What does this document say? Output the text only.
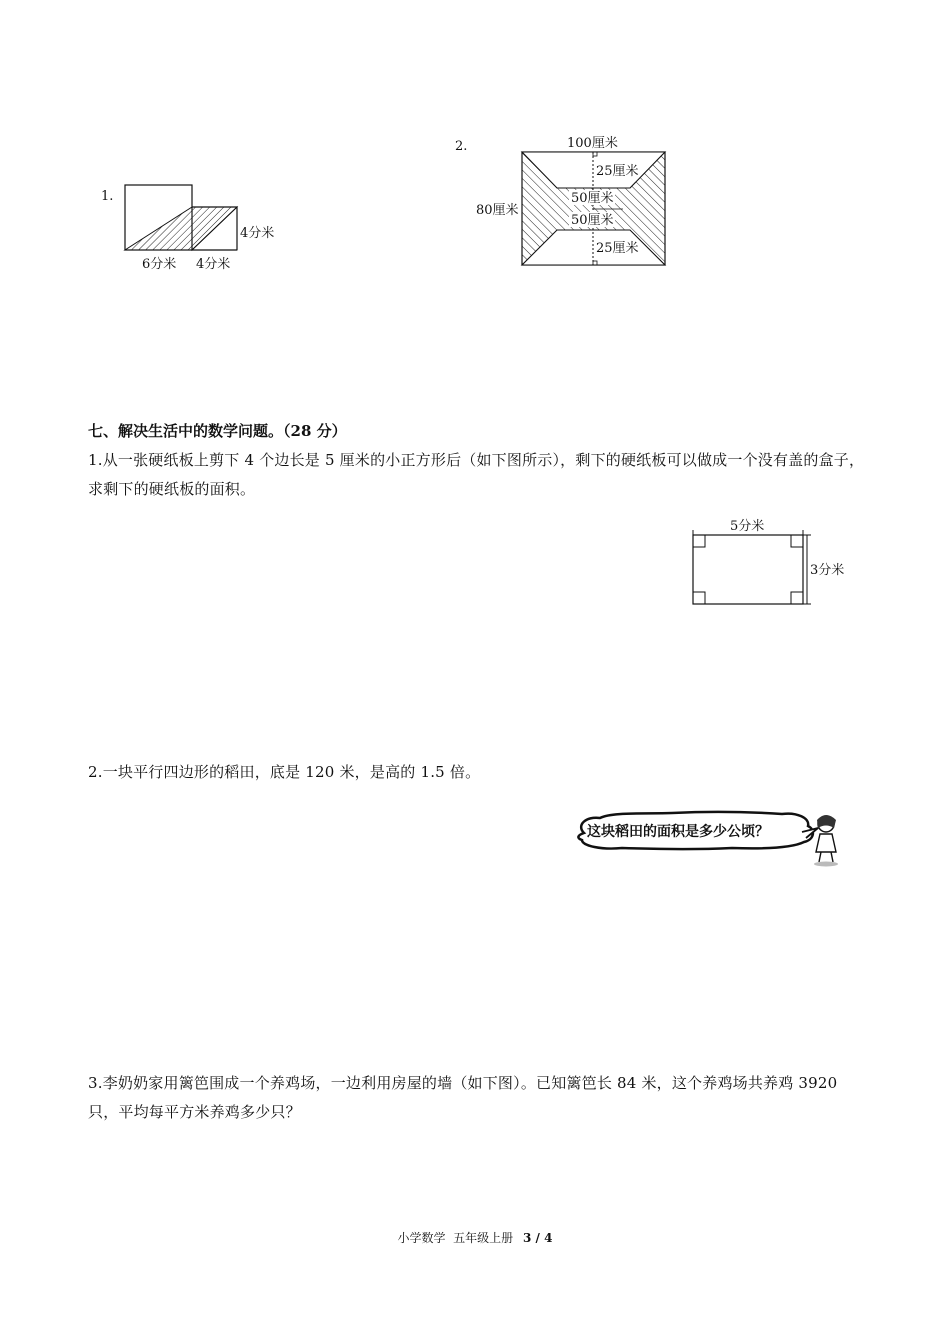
1.
4分米
6分米 4分米
2.	100厘米
80厘米
25厘米
50厘米
50厘米
25厘米
七、解决生活中的数学问题。（28 分）
1.从一张硬纸板上剪下 4 个边长是 5 厘米的小正方形后（如下图所示），剩下的硬纸板可以做成一个没有盖的盒子，求剩下的硬纸板的面积。
5分米
3分米
2.一块平行四边形的稻田，底是 120 米，是高的 1.5 倍。
这块稻田的面积是多少公顷？
3.李奶奶家用篱笆围成一个养鸡场，一边利用房屋的墙（如下图）。已知篱笆长 84 米，这个养鸡场共养鸡 3920 只，平均每平方米养鸡多少只？
小学数学  五年级上册 3 / 4
